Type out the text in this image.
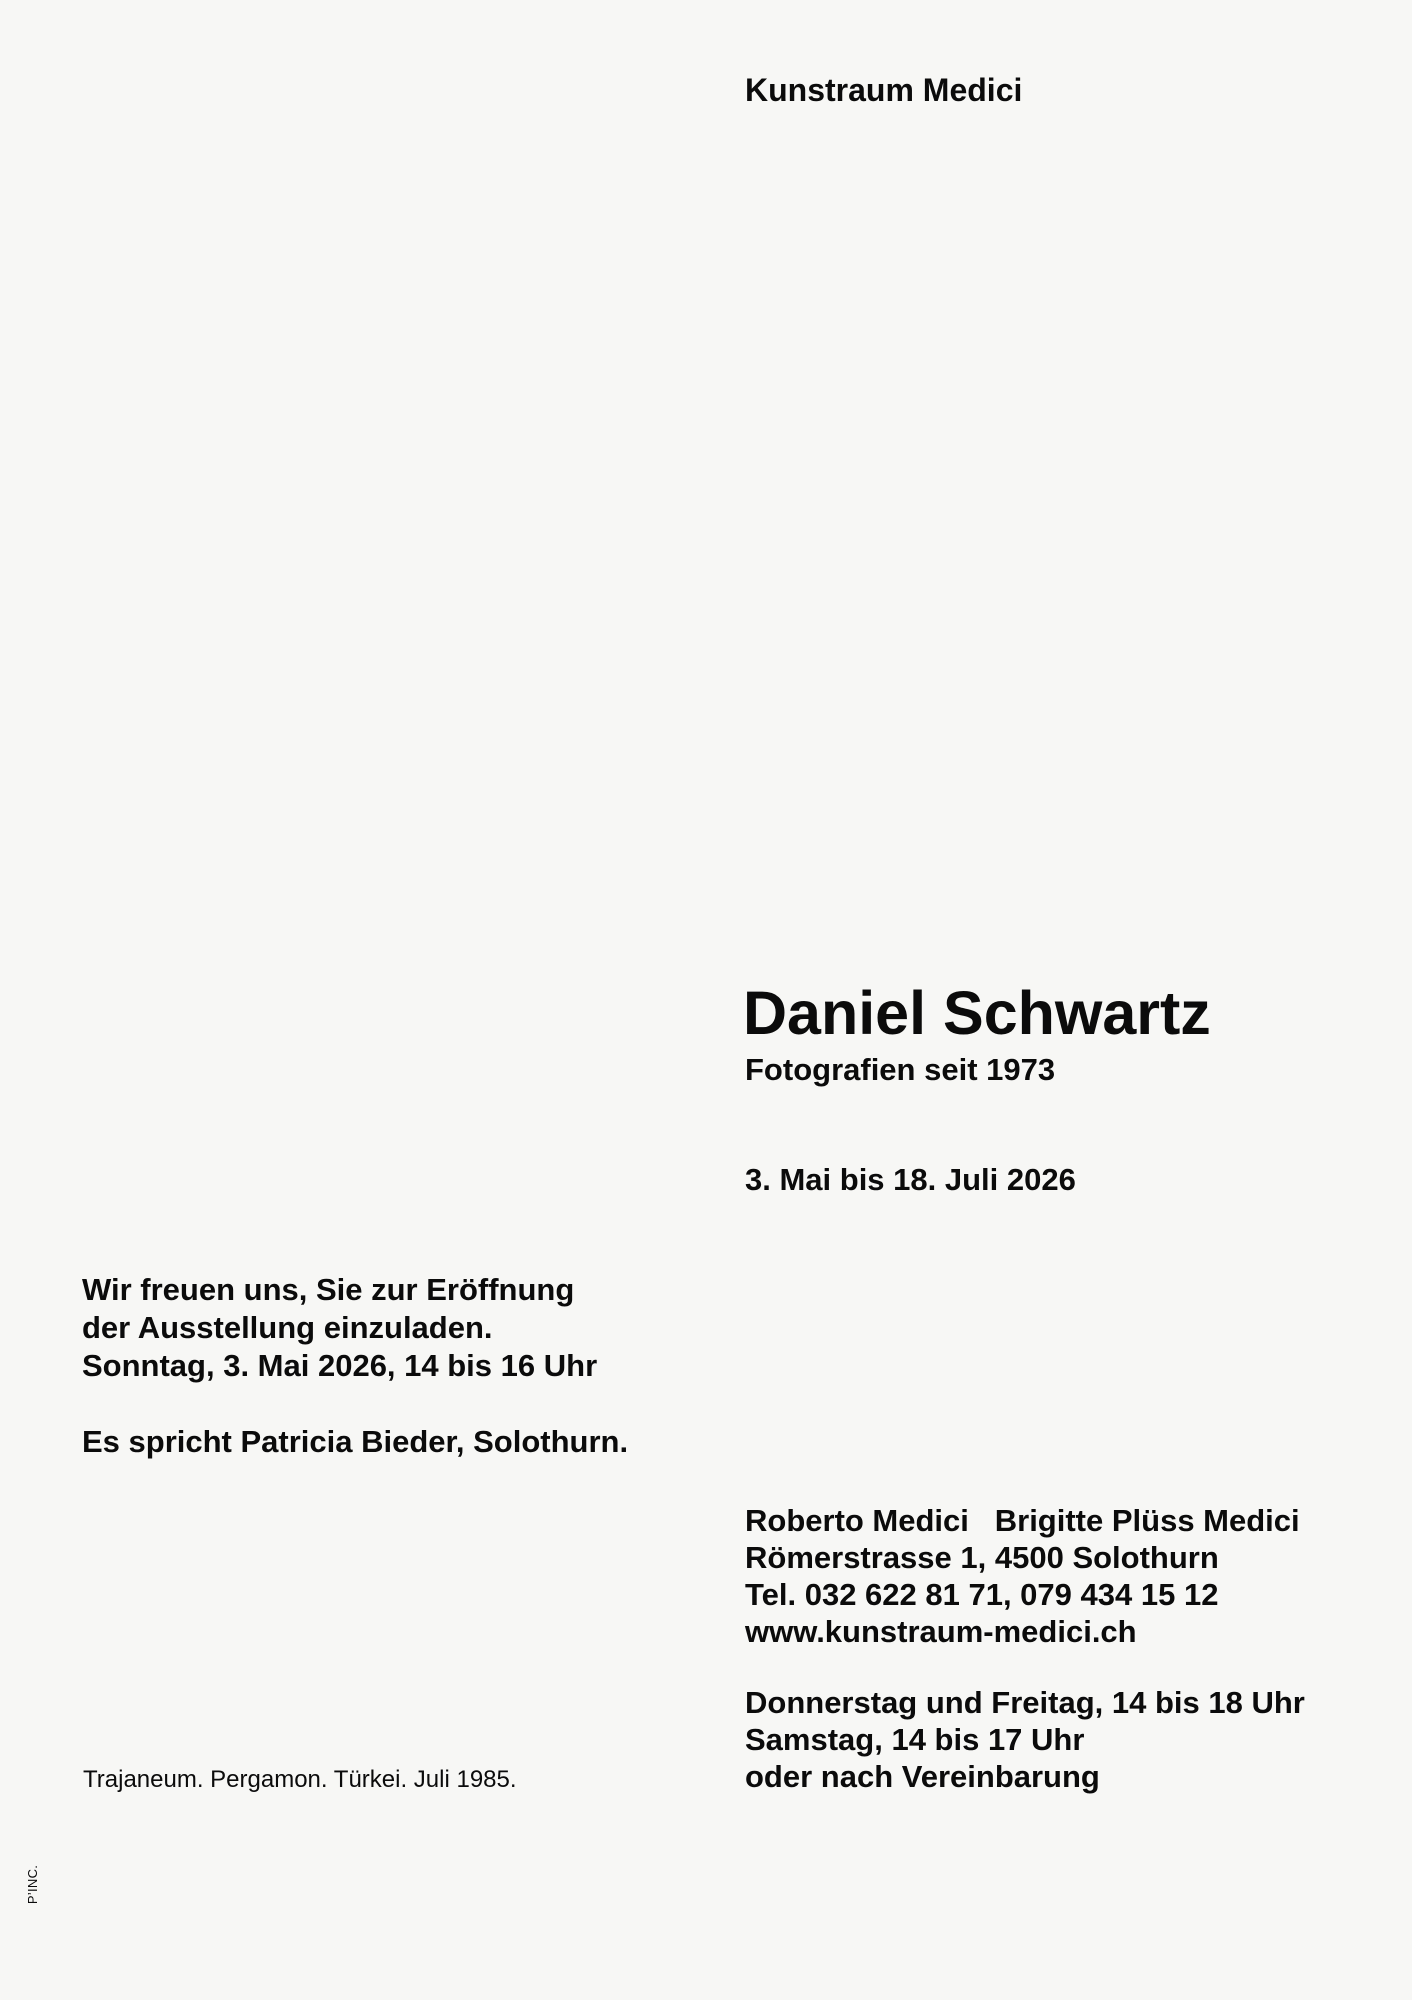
Kunstraum Medici
Daniel Schwartz
Fotografien seit 1973
3. Mai bis 18. Juli 2026
Wir freuen uns, Sie zur Eröffnung
der Ausstellung einzuladen.
Sonntag, 3. Mai 2026, 14 bis 16 Uhr
Es spricht Patricia Bieder, Solothurn.
Roberto Medici   Brigitte Plüss Medici
Römerstrasse 1, 4500 Solothurn
Tel. 032 622 81 71, 079 434 15 12
www.kunstraum-medici.ch
Donnerstag und Freitag, 14 bis 18 Uhr
Samstag, 14 bis 17 Uhr
oder nach Vereinbarung
Trajaneum. Pergamon. Türkei. Juli 1985.
P’INC.
